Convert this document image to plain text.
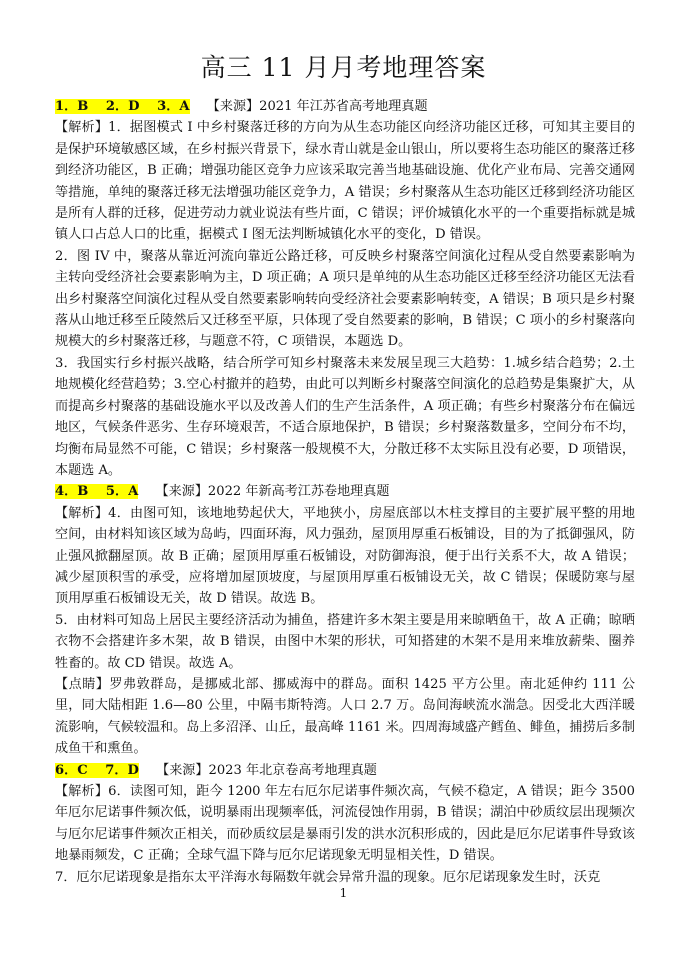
高三 11 月月考地理答案

1．B　 2．D　 3．A　 【来源】2021 年江苏省高考地理真题

【解析】1．据图模式 I 中乡村聚落迁移的方向为从生态功能区向经济功能区迁移，可知其主要目的是保护环境敏感区域，在乡村振兴背景下，绿水青山就是金山银山，所以要将生态功能区的聚落迁移到经济功能区，B 正确；增强功能区竞争力应该采取完善当地基础设施、优化产业布局、完善交通网等措施，单纯的聚落迁移无法增强功能区竞争力，A 错误；乡村聚落从生态功能区迁移到经济功能区是所有人群的迁移，促进劳动力就业说法有些片面，C 错误；评价城镇化水平的一个重要指标就是城镇人口占总人口的比重，据模式 I 图无法判断城镇化水平的变化，D 错误。

2．图 IV 中，聚落从靠近河流向靠近公路迁移，可反映乡村聚落空间演化过程从受自然要素影响为主转向受经济社会要素影响为主，D 项正确；A 项只是单纯的从生态功能区迁移至经济功能区无法看出乡村聚落空间演化过程从受自然要素影响转向受经济社会要素影响转变，A 错误；B 项只是乡村聚落从山地迁移至丘陵然后又迁移至平原，只体现了受自然要素的影响，B 错误；C 项小的乡村聚落向规模大的乡村聚落迁移，与题意不符，C 项错误，本题选 D。

3．我国实行乡村振兴战略，结合所学可知乡村聚落未来发展呈现三大趋势：1.城乡结合趋势；2.土地规模化经营趋势；3.空心村撤并的趋势，由此可以判断乡村聚落空间演化的总趋势是集聚扩大，从而提高乡村聚落的基础设施水平以及改善人们的生产生活条件，A 项正确；有些乡村聚落分布在偏远地区，气候条件恶劣、生存环境艰苦，不适合原地保护，B 错误；乡村聚落数量多，空间分布不均，均衡布局显然不可能，C 错误；乡村聚落一般规模不大，分散迁移不太实际且没有必要，D 项错误，本题选 A。

4．B　 5．A　 【来源】2022 年新高考江苏卷地理真题

【解析】4．由图可知，该地地势起伏大，平地狭小，房屋底部以木柱支撑目的主要扩展平整的用地空间，由材料知该区域为岛屿，四面环海，风力强劲，屋顶用厚重石板铺设，目的为了抵御强风，防止强风掀翻屋顶。故 B 正确；屋顶用厚重石板铺设，对防御海浪，便于出行关系不大，故 A 错误；减少屋顶积雪的承受，应将增加屋顶坡度，与屋顶用厚重石板铺设无关，故 C 错误；保暖防寒与屋顶用厚重石板铺设无关，故 D 错误。故选 B。

5．由材料可知岛上居民主要经济活动为捕鱼，搭建许多木架主要是用来晾晒鱼干，故 A 正确；晾晒衣物不会搭建许多木架，故 B 错误，由图中木架的形状，可知搭建的木架不是用来堆放薪柴、圈养牲畜的。故 CD 错误。故选 A。

【点睛】罗弗敦群岛，是挪威北部、挪威海中的群岛。面积 1425 平方公里。南北延伸约 111 公里，同大陆相距 1.6—80 公里，中隔韦斯特湾。人口 2.7 万。岛间海峡流水湍急。因受北大西洋暖流影响，气候较温和。岛上多沼泽、山丘，最高峰 1161 米。四周海域盛产鳕鱼、鲱鱼，捕捞后多制成鱼干和熏鱼。

6．C　 7．D　 【来源】2023 年北京卷高考地理真题

【解析】6．读图可知，距今 1200 年左右厄尔尼诺事件频次高，气候不稳定，A 错误；距今 3500 年厄尔尼诺事件频次低，说明暴雨出现频率低，河流侵蚀作用弱，B 错误；湖泊中砂质纹层出现频次与厄尔尼诺事件频次正相关，而砂质纹层是暴雨引发的洪水沉积形成的，因此是厄尔尼诺事件导致该地暴雨频发，C 正确；全球气温下降与厄尔尼诺现象无明显相关性，D 错误。

7．厄尔尼诺现象是指东太平洋海水每隔数年就会异常升温的现象。厄尔尼诺现象发生时，沃克

1
